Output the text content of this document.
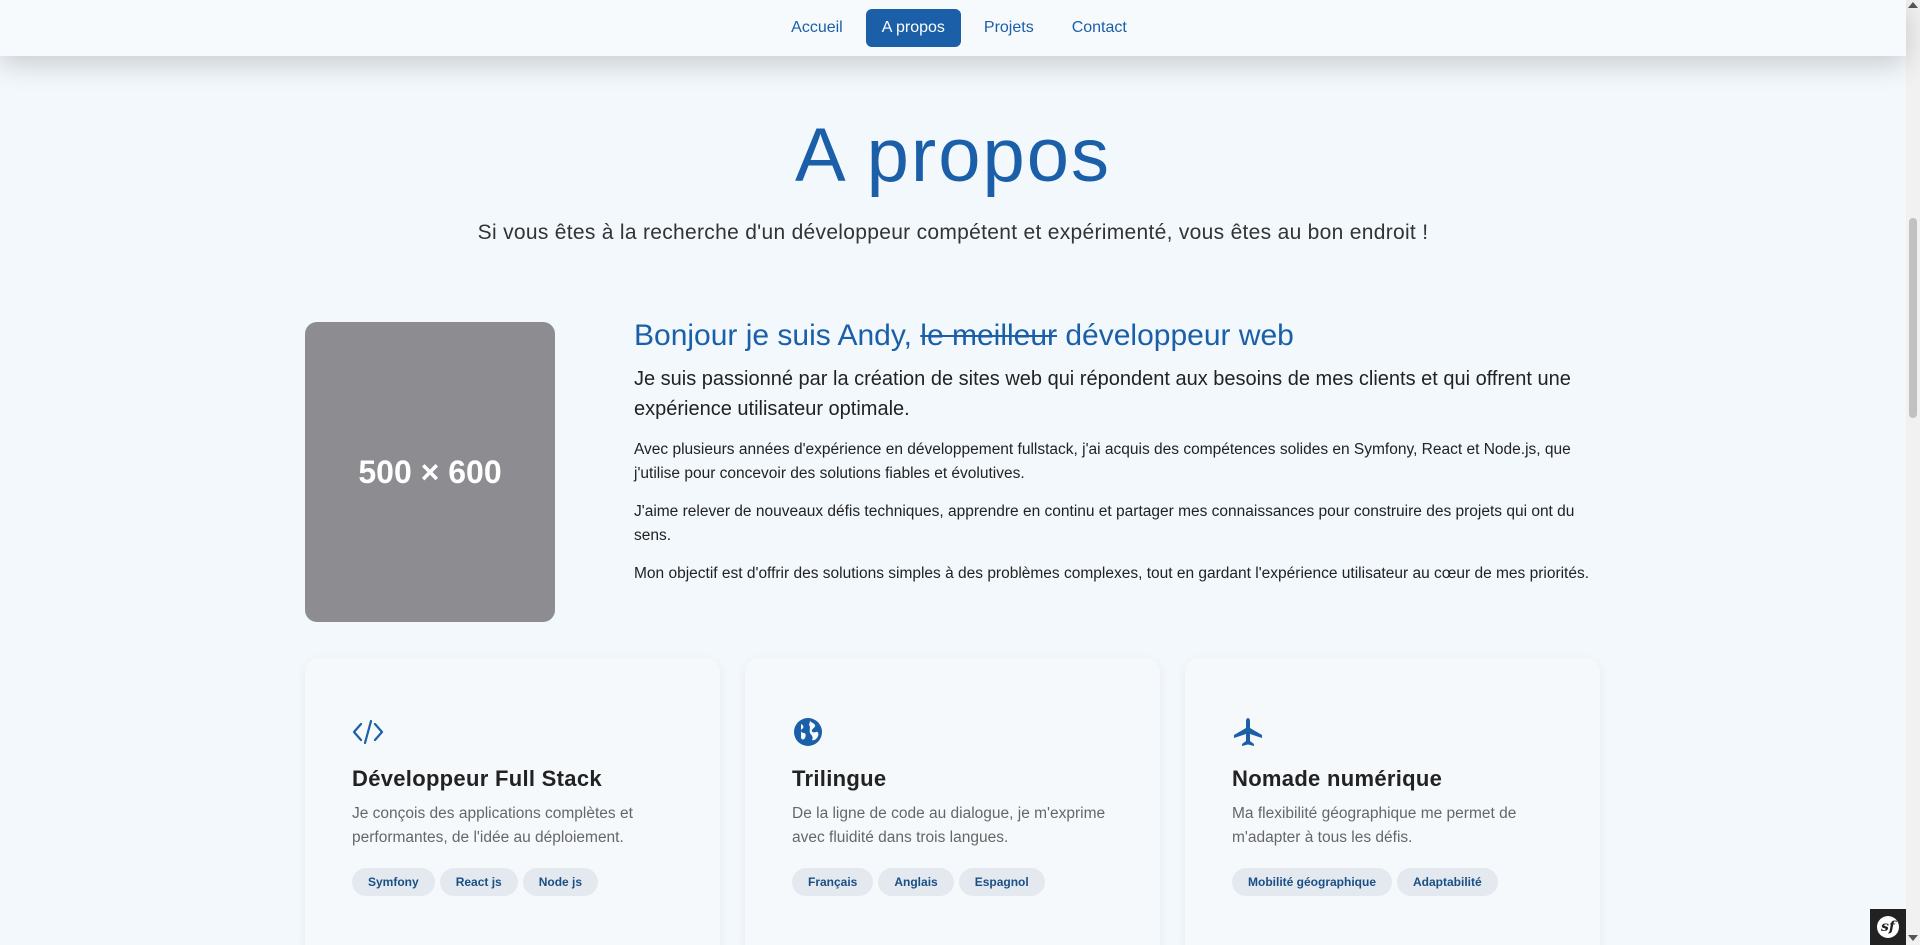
Accueil	A propos	Projets	Contact
A propos

Si vous êtes à la recherche d'un développeur compétent et expérimenté, vous êtes au bon endroit !

500 × 600
Bonjour je suis Andy, le meilleur développeur web

Je suis passionné par la création de sites web qui répondent aux besoins de mes clients et qui offrent une expérience utilisateur optimale.

Avec plusieurs années d'expérience en développement fullstack, j'ai acquis des compétences solides en Symfony, React et Node.js, que j'utilise pour concevoir des solutions fiables et évolutives.

J'aime relever de nouveaux défis techniques, apprendre en continu et partager mes connaissances pour construire des projets qui ont du sens.

Mon objectif est d'offrir des solutions simples à des problèmes complexes, tout en gardant l'expérience utilisateur au cœur de mes priorités.

Développeur Full Stack

Je conçois des applications complètes et performantes, de l'idée au déploiement.

Symfony	React js	Node js
Trilingue

De la ligne de code au dialogue, je m'exprime avec fluidité dans trois langues.

Français	Anglais	Espagnol
Nomade numérique

Ma flexibilité géographique me permet de m'adapter à tous les défis.

Mobilité géographique	Adaptabilité
sf
